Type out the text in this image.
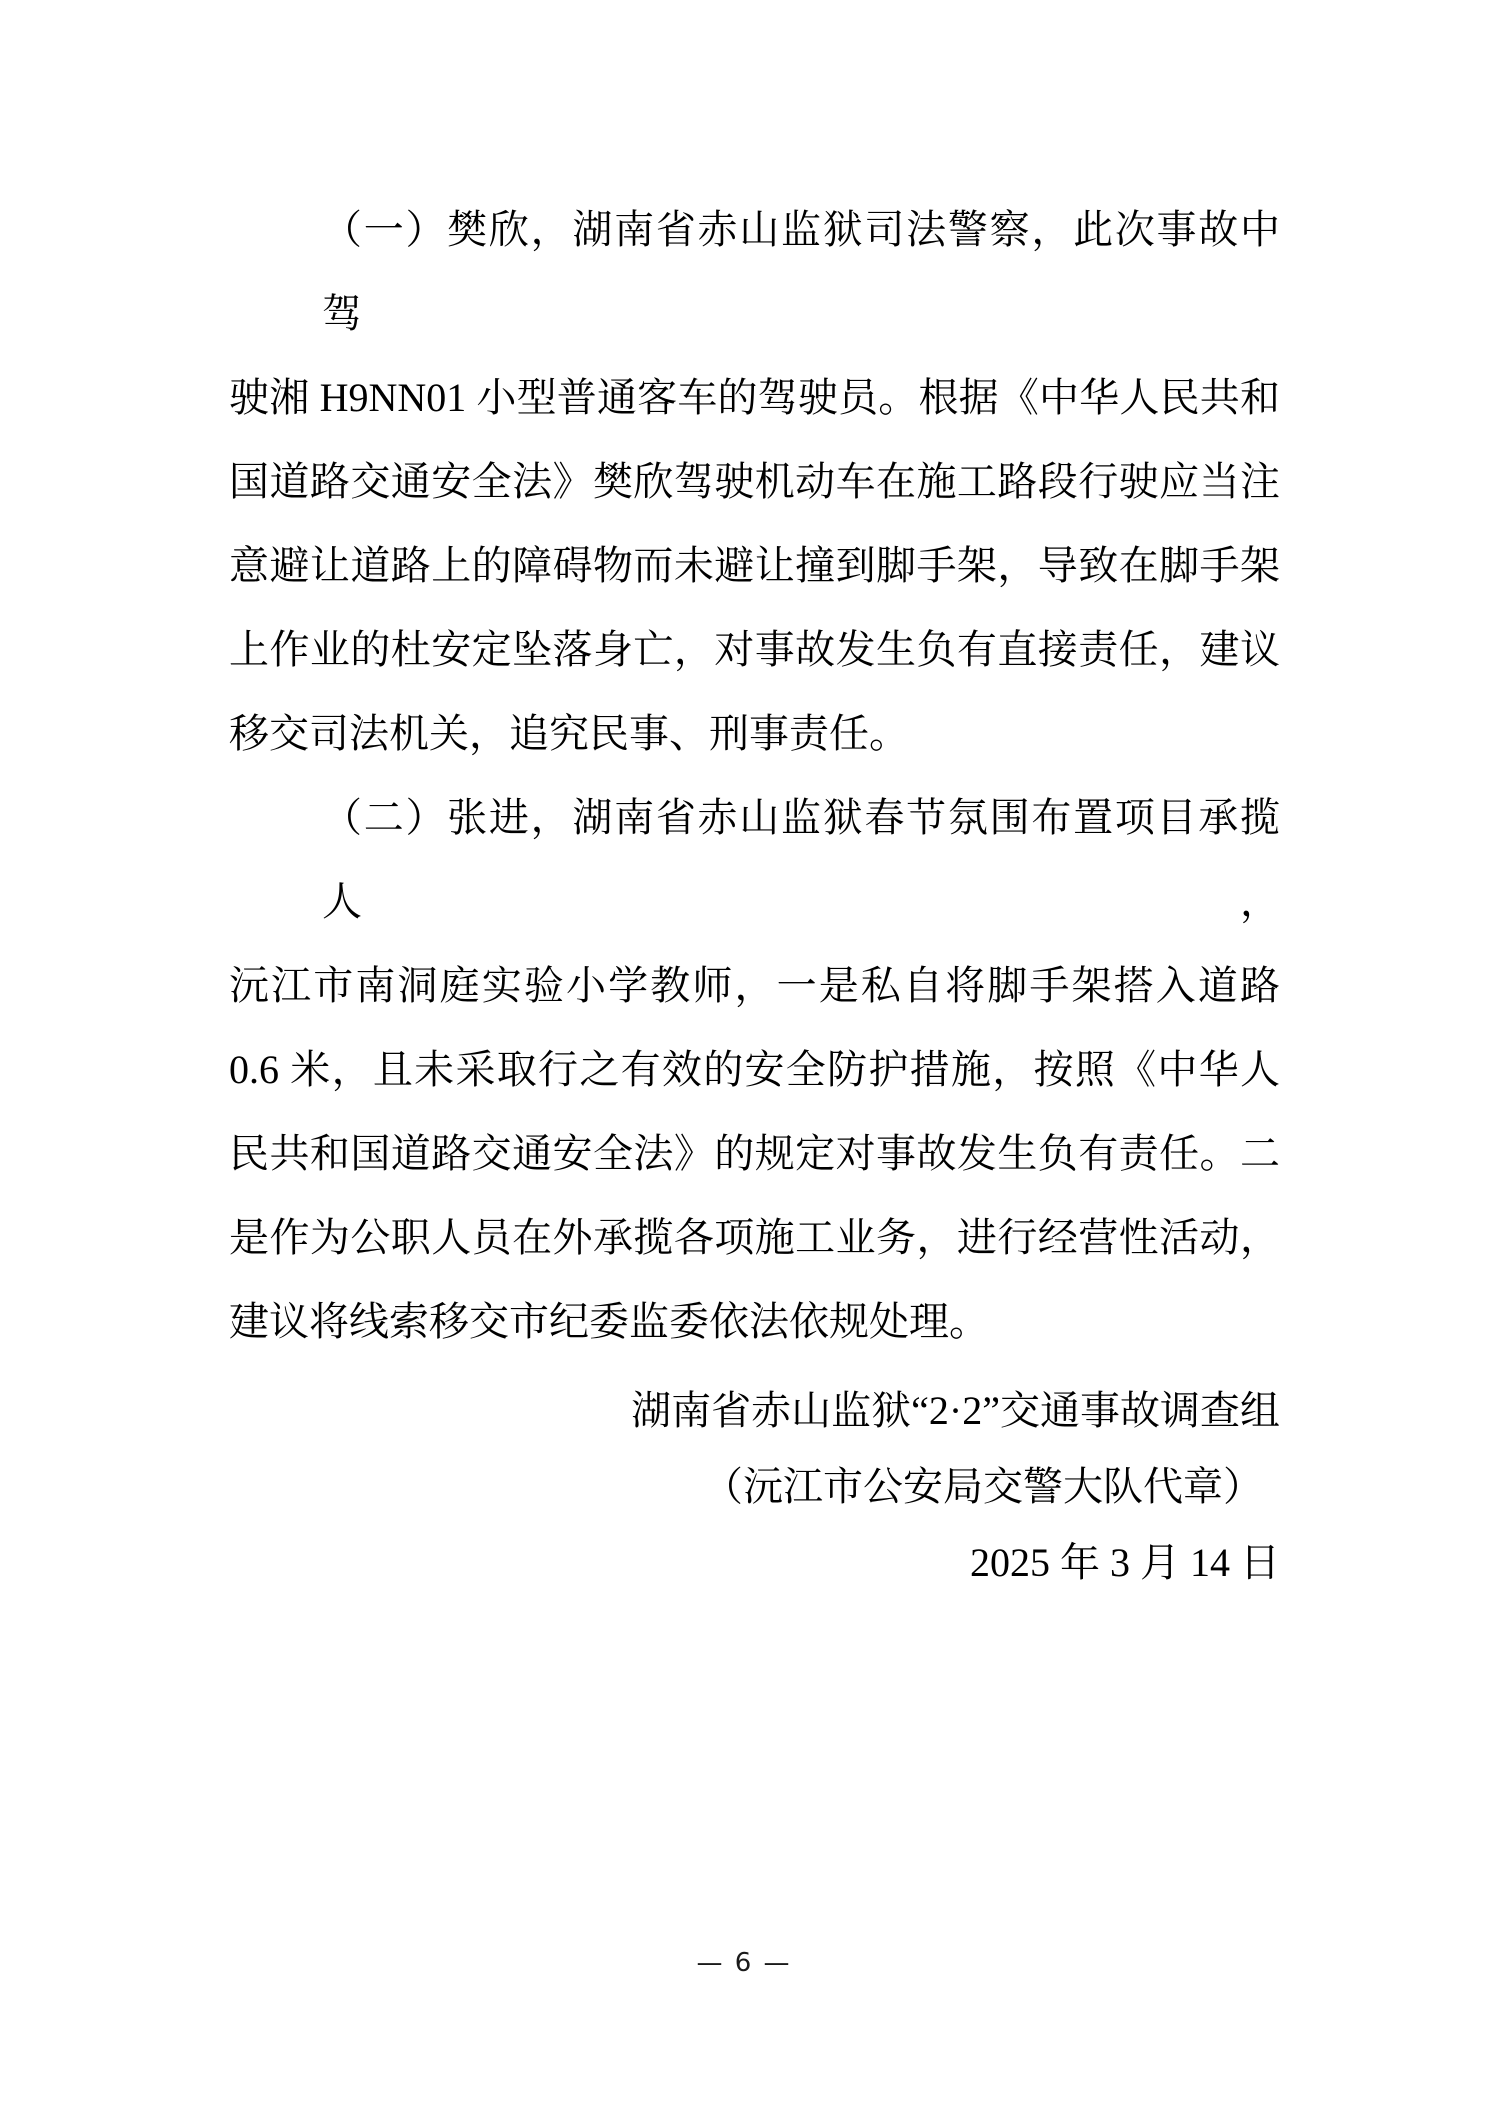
（一）樊欣，湖南省赤山监狱司法警察，此次事故中驾

驶湘 H9NN01 小型普通客车的驾驶员。根据《中华人民共和

国道路交通安全法》樊欣驾驶机动车在施工路段行驶应当注

意避让道路上的障碍物而未避让撞到脚手架，导致在脚手架

上作业的杜安定坠落身亡，对事故发生负有直接责任，建议

移交司法机关，追究民事、刑事责任。

（二）张进，湖南省赤山监狱春节氛围布置项目承揽人，

沅江市南洞庭实验小学教师，一是私自将脚手架搭入道路

0.6 米，且未采取行之有效的安全防护措施，按照《中华人

民共和国道路交通安全法》的规定对事故发生负有责任。二

是作为公职人员在外承揽各项施工业务，进行经营性活动，

建议将线索移交市纪委监委依法依规处理。

湖南省赤山监狱“2·2”交通事故调查组

（沅江市公安局交警大队代章）

2025 年 3 月 14 日

— 6 —
